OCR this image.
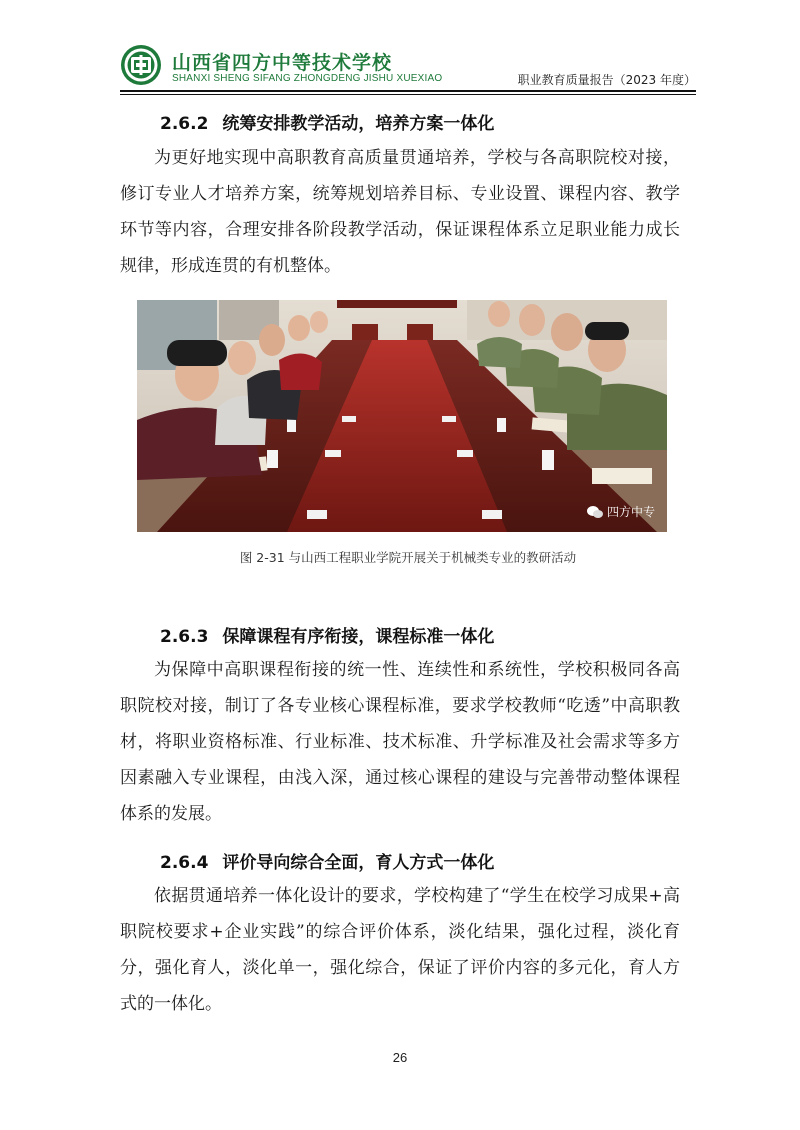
山西省四方中等技术学校
SHANXI SHENG SIFANG ZHONGDENG JISHU XUEXIAO	职业教育质量报告（2023 年度）
2.6.2 统筹安排教学活动，培养方案一体化
为更好地实现中高职教育高质量贯通培养，学校与各高职院校对接，修订专业人才培养方案，统筹规划培养目标、专业设置、课程内容、教学环节等内容，合理安排各阶段教学活动，保证课程体系立足职业能力成长规律，形成连贯的有机整体。
四方中专
图 2-31 与山西工程职业学院开展关于机械类专业的教研活动
2.6.3 保障课程有序衔接，课程标准一体化
为保障中高职课程衔接的统一性、连续性和系统性，学校积极同各高职院校对接，制订了各专业核心课程标准，要求学校教师“吃透”中高职教材，将职业资格标准、行业标准、技术标准、升学标准及社会需求等多方因素融入专业课程，由浅入深，通过核心课程的建设与完善带动整体课程体系的发展。
2.6.4 评价导向综合全面，育人方式一体化
依据贯通培养一体化设计的要求，学校构建了“学生在校学习成果+高职院校要求+企业实践”的综合评价体系，淡化结果，强化过程，淡化育分，强化育人，淡化单一，强化综合，保证了评价内容的多元化，育人方式的一体化。
26
